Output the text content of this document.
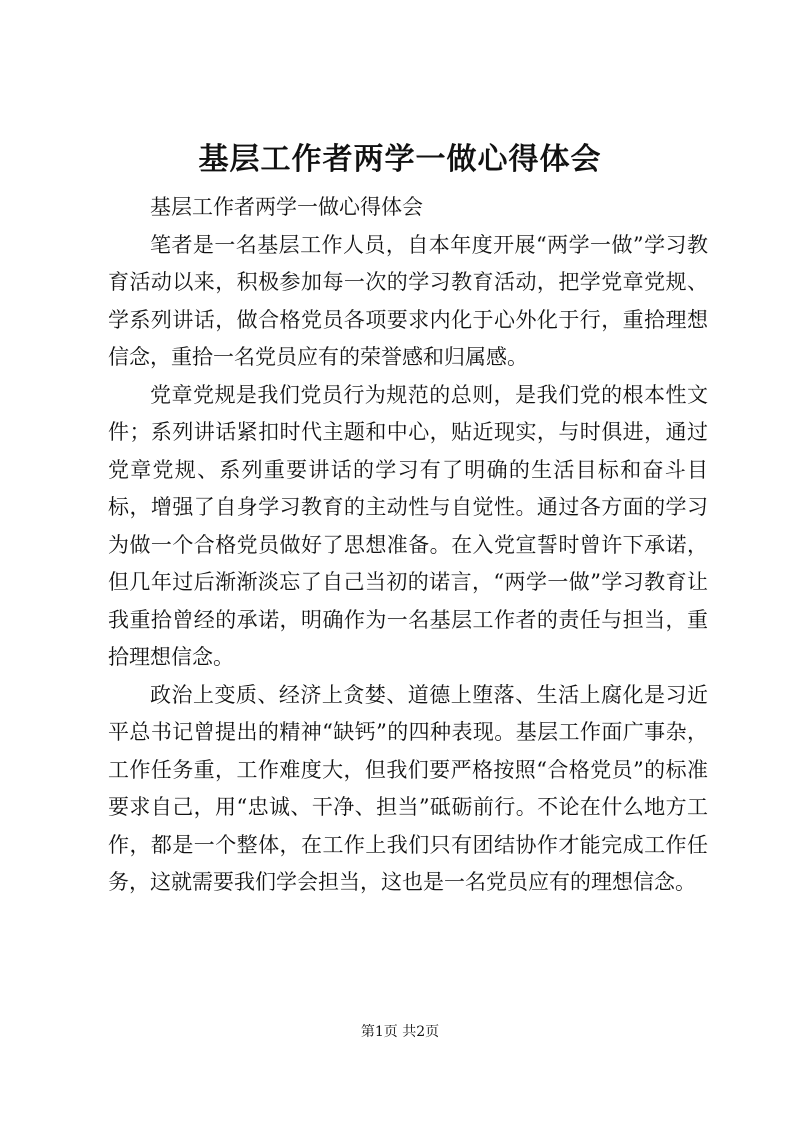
基层工作者两学一做心得体会

基层工作者两学一做心得体会

笔者是一名基层工作人员，自本年度开展“两学一做”学习教育活动以来，积极参加每一次的学习教育活动，把学党章党规、学系列讲话，做合格党员各项要求内化于心外化于行，重拾理想信念，重拾一名党员应有的荣誉感和归属感。

党章党规是我们党员行为规范的总则，是我们党的根本性文件；系列讲话紧扣时代主题和中心，贴近现实，与时俱进，通过党章党规、系列重要讲话的学习有了明确的生活目标和奋斗目标，增强了自身学习教育的主动性与自觉性。通过各方面的学习为做一个合格党员做好了思想准备。在入党宣誓时曾许下承诺，但几年过后渐渐淡忘了自己当初的诺言，“两学一做”学习教育让我重拾曾经的承诺，明确作为一名基层工作者的责任与担当，重拾理想信念。

政治上变质、经济上贪婪、道德上堕落、生活上腐化是习近平总书记曾提出的精神“缺钙”的四种表现。基层工作面广事杂，工作任务重，工作难度大，但我们要严格按照“合格党员”的标准要求自己，用“忠诚、干净、担当”砥砺前行。不论在什么地方工作，都是一个整体，在工作上我们只有团结协作才能完成工作任务，这就需要我们学会担当，这也是一名党员应有的理想信念。

第1页 共2页
